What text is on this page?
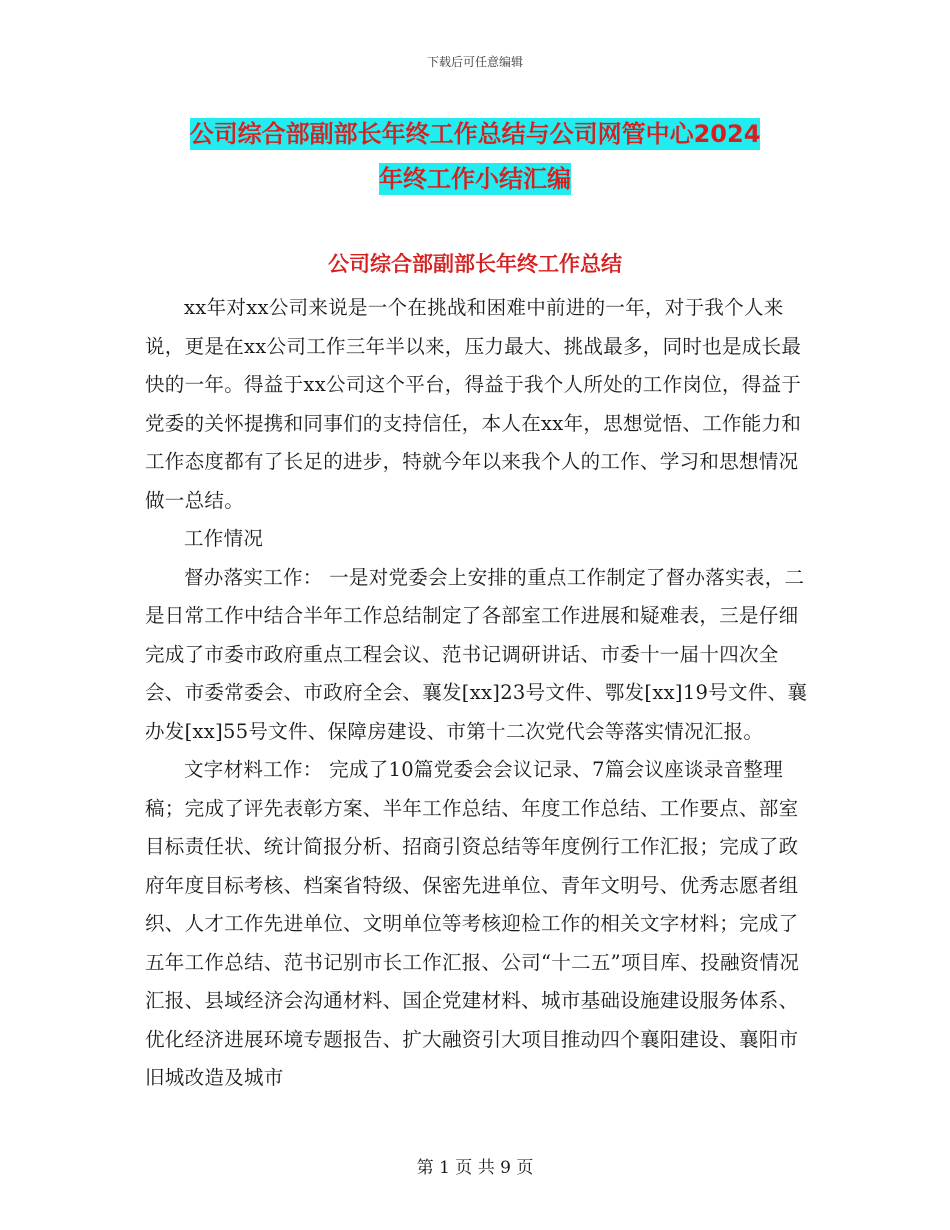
下载后可任意编辑
公司综合部副部长年终工作总结与公司网管中心2024
年终工作小结汇编
公司综合部副部长年终工作总结

xx年对xx公司来说是一个在挑战和困难中前进的一年，对于我个人来说，更是在xx公司工作三年半以来，压力最大、挑战最多，同时也是成长最快的一年。得益于xx公司这个平台，得益于我个人所处的工作岗位，得益于党委的关怀提携和同事们的支持信任，本人在xx年，思想觉悟、工作能力和工作态度都有了长足的进步，特就今年以来我个人的工作、学习和思想情况做一总结。

工作情况

督办落实工作： 一是对党委会上安排的重点工作制定了督办落实表，二是日常工作中结合半年工作总结制定了各部室工作进展和疑难表，三是仔细完成了市委市政府重点工程会议、范书记调研讲话、市委十一届十四次全会、市委常委会、市政府全会、襄发[xx]23号文件、鄂发[xx]19号文件、襄办发[xx]55号文件、保障房建设、市第十二次党代会等落实情况汇报。

文字材料工作： 完成了10篇党委会会议记录、7篇会议座谈录音整理稿；完成了评先表彰方案、半年工作总结、年度工作总结、工作要点、部室目标责任状、统计简报分析、招商引资总结等年度例行工作汇报；完成了政府年度目标考核、档案省特级、保密先进单位、青年文明号、优秀志愿者组织、人才工作先进单位、文明单位等考核迎检工作的相关文字材料；完成了五年工作总结、范书记别市长工作汇报、公司“十二五”项目库、投融资情况汇报、县域经济会沟通材料、国企党建材料、城市基础设施建设服务体系、优化经济进展环境专题报告、扩大融资引大项目推动四个襄阳建设、襄阳市旧城改造及城市

第 1 页 共 9 页
